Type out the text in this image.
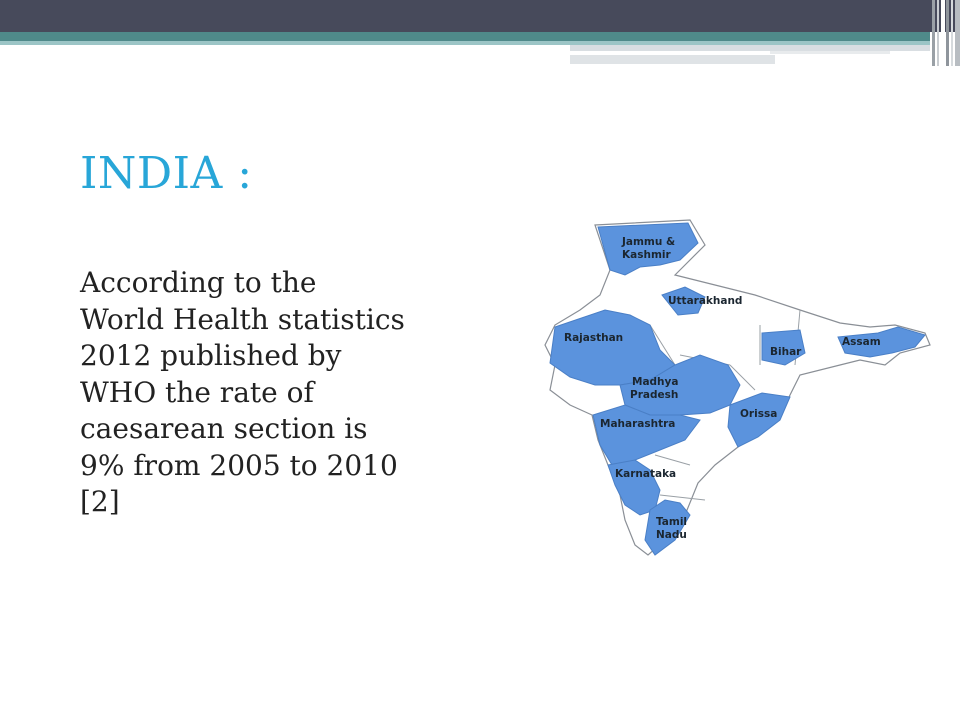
INDIA :
According to the
World Health statistics
2012 published by
WHO the rate of
caesarean section is
9% from 2005 to 2010
[2]
Jammu &
Kashmir
Uttarakhand
Rajasthan
Madhya
Pradesh
Bihar
Assam
Maharashtra
Orissa
Karnataka
Tamil
Nadu
